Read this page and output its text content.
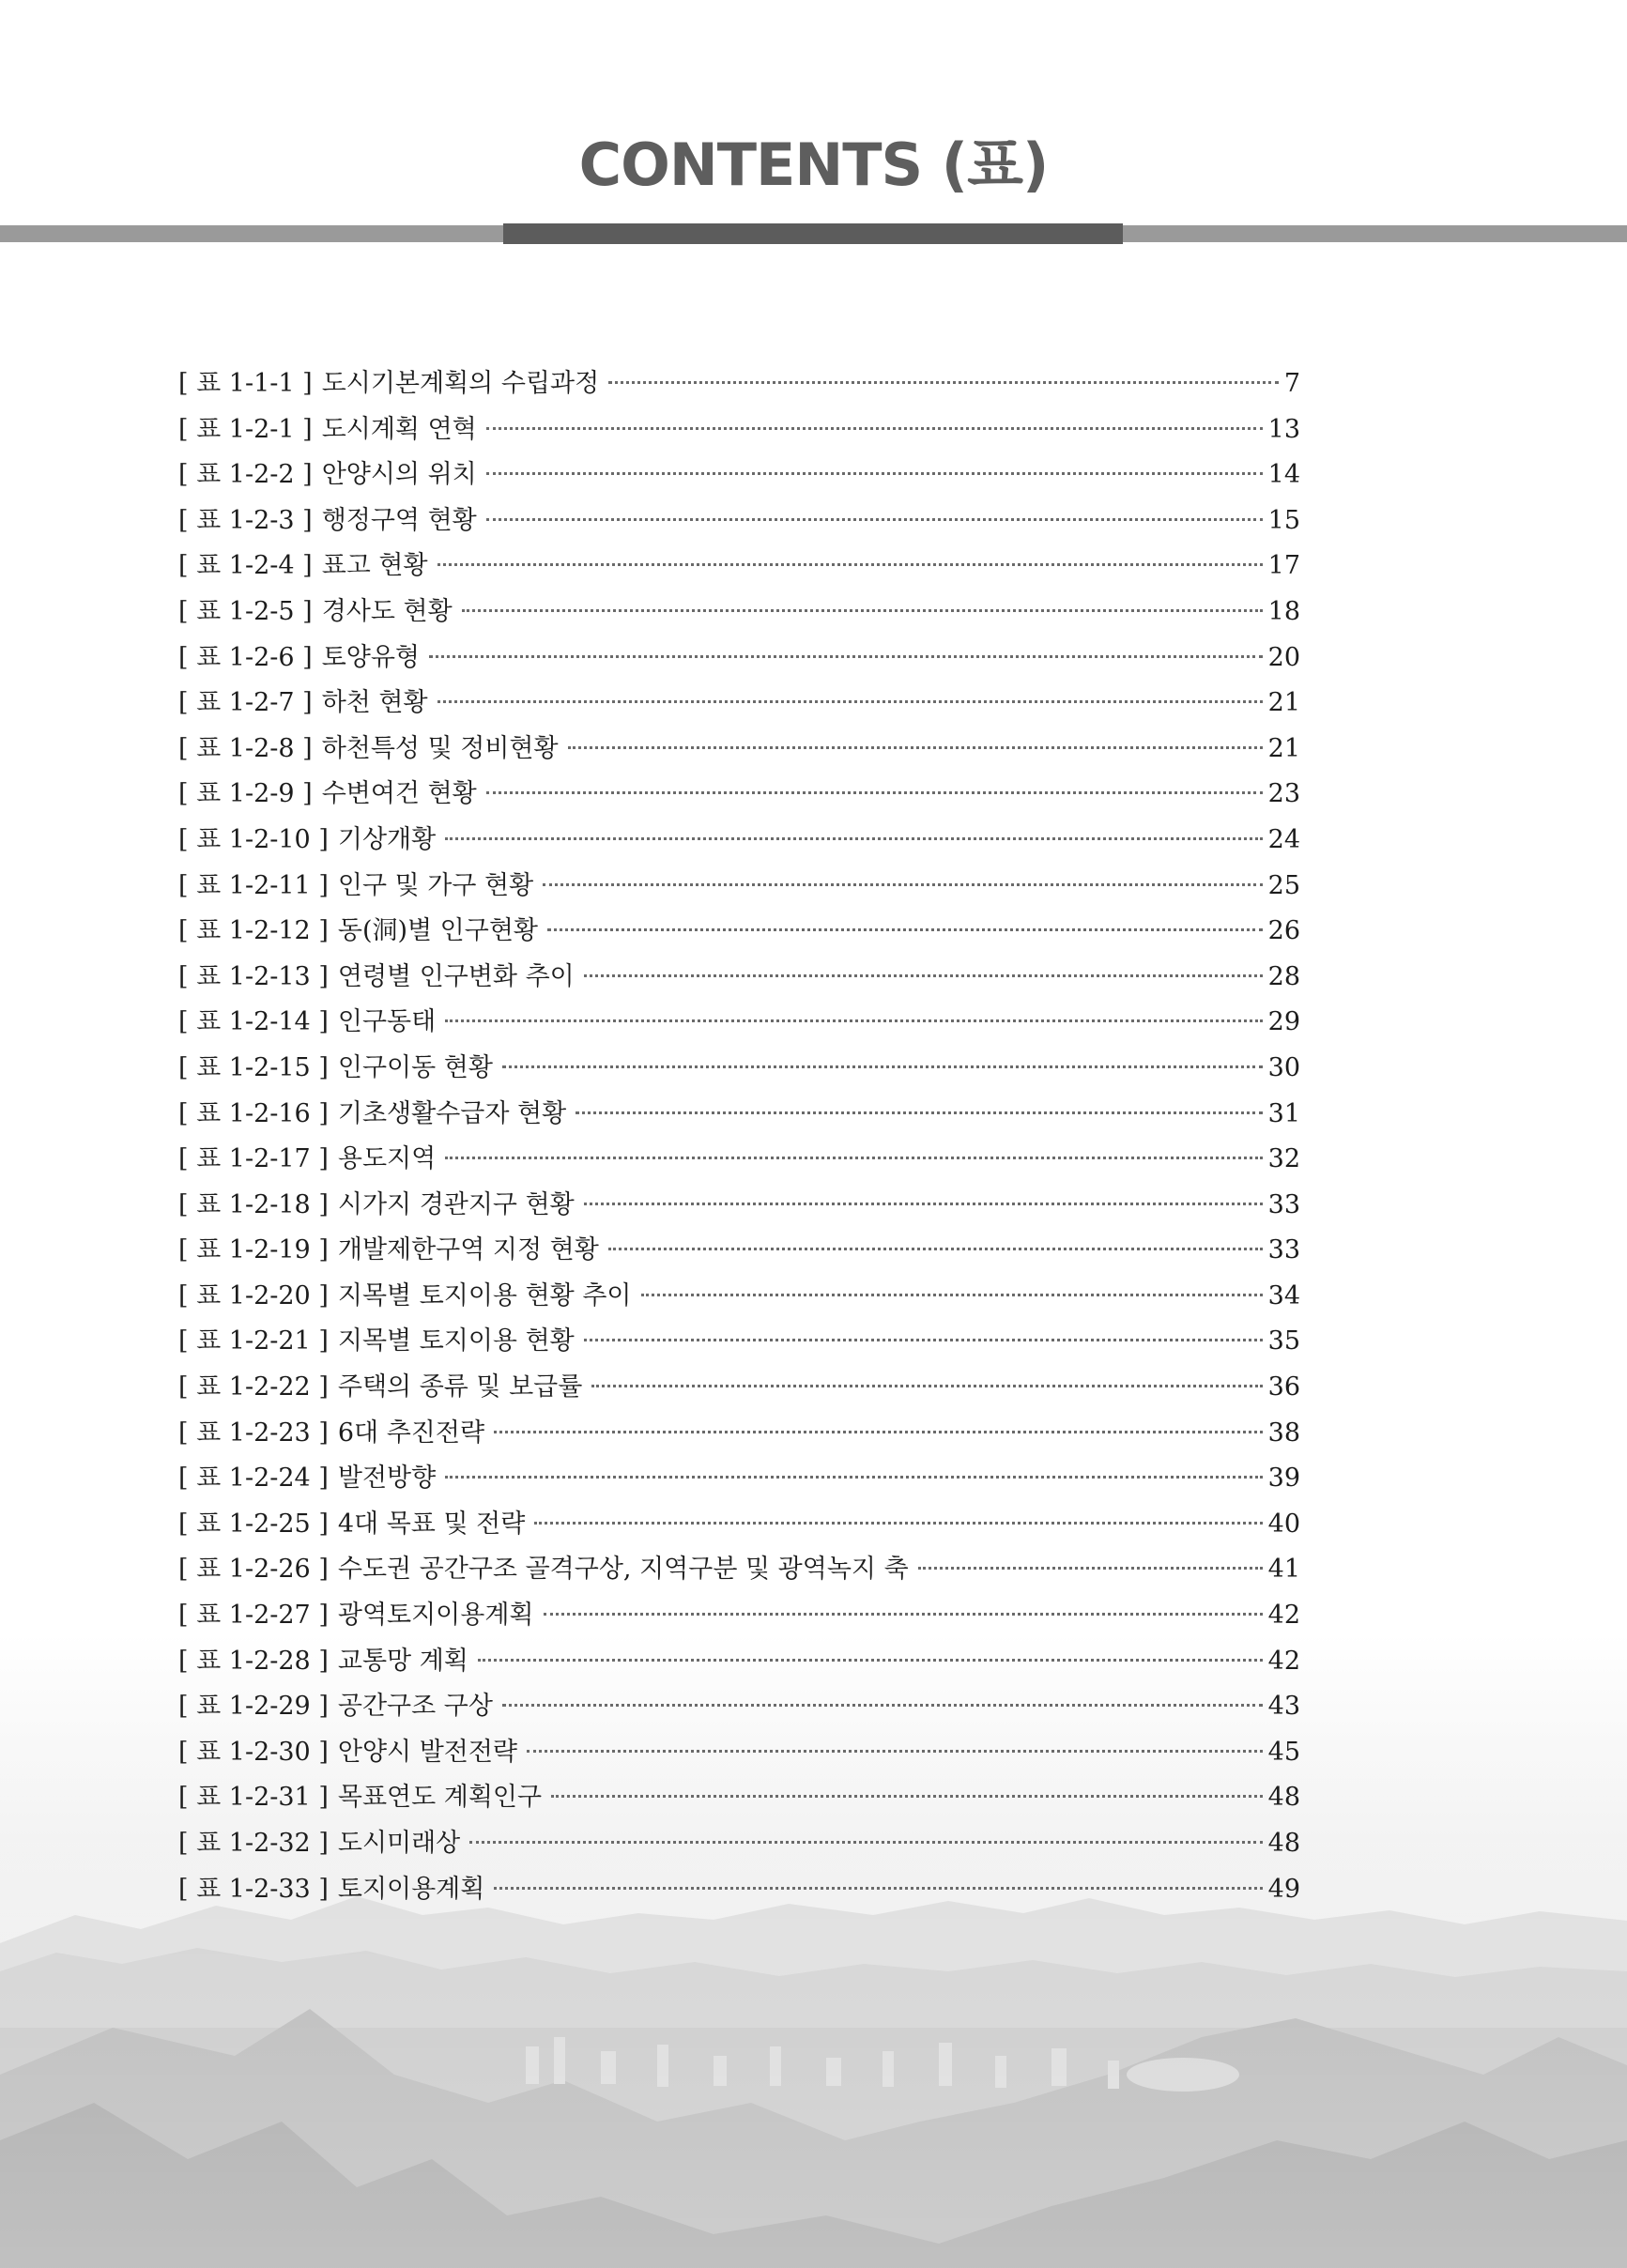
CONTENTS (표)
[ 표 1-1-1 ] 도시기본계획의 수립과정	7
[ 표 1-2-1 ] 도시계획 연혁	13
[ 표 1-2-2 ] 안양시의 위치	14
[ 표 1-2-3 ] 행정구역 현황	15
[ 표 1-2-4 ] 표고 현황	17
[ 표 1-2-5 ] 경사도 현황	18
[ 표 1-2-6 ] 토양유형	20
[ 표 1-2-7 ] 하천 현황	21
[ 표 1-2-8 ] 하천특성 및 정비현황	21
[ 표 1-2-9 ] 수변여건 현황	23
[ 표 1-2-10 ] 기상개황	24
[ 표 1-2-11 ] 인구 및 가구 현황	25
[ 표 1-2-12 ] 동(洞)별 인구현황	26
[ 표 1-2-13 ] 연령별 인구변화 추이	28
[ 표 1-2-14 ] 인구동태	29
[ 표 1-2-15 ] 인구이동 현황	30
[ 표 1-2-16 ] 기초생활수급자 현황	31
[ 표 1-2-17 ] 용도지역	32
[ 표 1-2-18 ] 시가지 경관지구 현황	33
[ 표 1-2-19 ] 개발제한구역 지정 현황	33
[ 표 1-2-20 ] 지목별 토지이용 현황 추이	34
[ 표 1-2-21 ] 지목별 토지이용 현황	35
[ 표 1-2-22 ] 주택의 종류 및 보급률	36
[ 표 1-2-23 ] 6대 추진전략	38
[ 표 1-2-24 ] 발전방향	39
[ 표 1-2-25 ] 4대 목표 및 전략	40
[ 표 1-2-26 ] 수도권 공간구조 골격구상, 지역구분 및 광역녹지 축	41
[ 표 1-2-27 ] 광역토지이용계획	42
[ 표 1-2-28 ] 교통망 계획	42
[ 표 1-2-29 ] 공간구조 구상	43
[ 표 1-2-30 ] 안양시 발전전략	45
[ 표 1-2-31 ] 목표연도 계획인구	48
[ 표 1-2-32 ] 도시미래상	48
[ 표 1-2-33 ] 토지이용계획	49
